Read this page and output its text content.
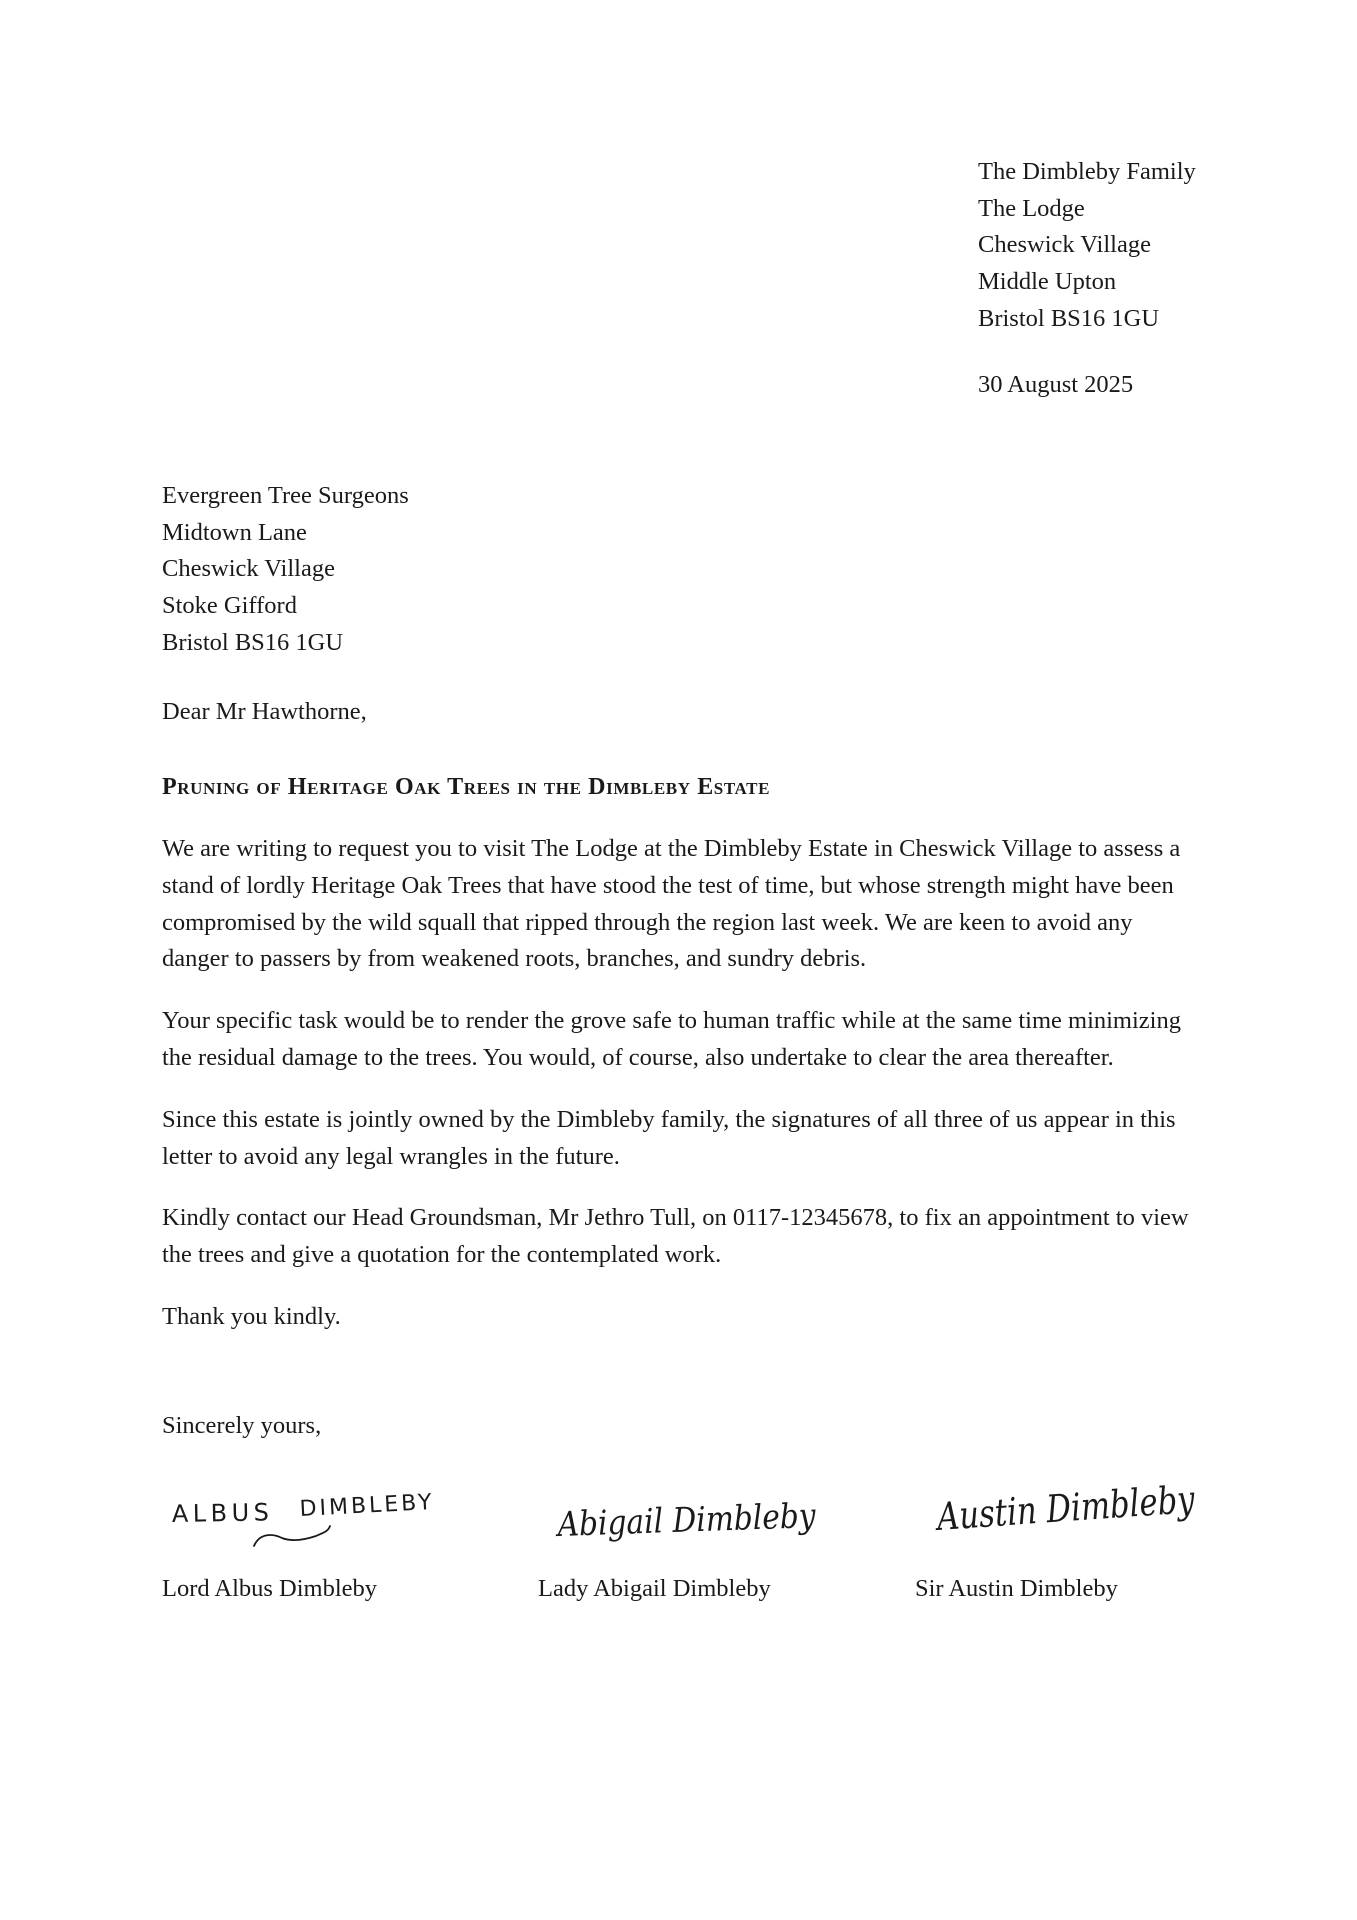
The Dimbleby Family
The Lodge
Cheswick Village
Middle Upton
Bristol BS16 1GU
30 August 2025
Evergreen Tree Surgeons
Midtown Lane
Cheswick Village
Stoke Gifford
Bristol BS16 1GU
Dear Mr Hawthorne,
Pruning of Heritage Oak Trees in the Dimbleby Estate

We are writing to request you to visit The Lodge at the Dimbleby Estate in Cheswick Village to assess a stand of lordly Heritage Oak Trees that have stood the test of time, but whose strength might have been compromised by the wild squall that ripped through the region last week. We are keen to avoid any danger to passers by from weakened roots, branches, and sundry debris.

Your specific task would be to render the grove safe to human traffic while at the same time minimizing the residual damage to the trees. You would, of course, also undertake to clear the area thereafter.

Since this estate is jointly owned by the Dimbleby family, the signatures of all three of us appear in this letter to avoid any legal wrangles in the future.

Kindly contact our Head Groundsman, Mr Jethro Tull, on 0117-12345678, to fix an appointment to view the trees and give a quotation for the contemplated work.

Thank you kindly.

Sincerely yours,
ALBUS DIMBLEBY	Abigail Dimbleby Austin Dimbleby
Lord Albus Dimbleby	Lady Abigail Dimbleby	Sir Austin Dimbleby
